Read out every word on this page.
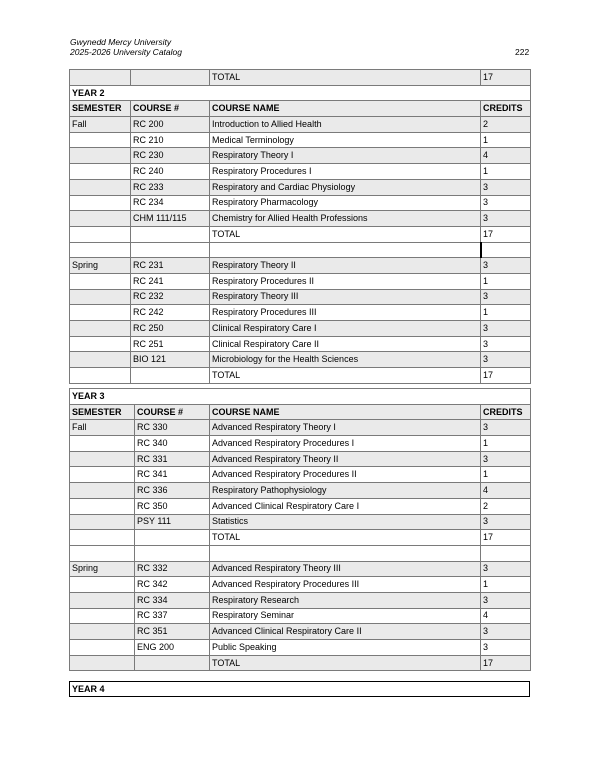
Gwynedd Mercy University
2025-2026 University Catalog	222
		TOTAL	17
YEAR 2			
SEMESTER	COURSE #	COURSE NAME	CREDITS
Fall	RC 200	Introduction to Allied Health	2
	RC 210	Medical Terminology	1
	RC 230	Respiratory Theory I	4
	RC 240	Respiratory Procedures I	1
	RC 233	Respiratory and Cardiac Physiology	3
	RC 234	Respiratory Pharmacology	3
	CHM 111/115	Chemistry for Allied Health Professions	3
		TOTAL	17

Spring	RC 231	Respiratory Theory II	3
	RC 241	Respiratory Procedures II	1
	RC 232	Respiratory Theory III	3
	RC 242	Respiratory Procedures III	1
	RC 250	Clinical Respiratory Care I	3
	RC 251	Clinical Respiratory Care II	3
	BIO 121	Microbiology for the Health Sciences	3
		TOTAL	17
YEAR 3			
SEMESTER	COURSE #	COURSE NAME	CREDITS
Fall	RC 330	Advanced Respiratory Theory I	3
	RC 340	Advanced Respiratory Procedures I	1
	RC 331	Advanced Respiratory Theory II	3
	RC 341	Advanced Respiratory Procedures II	1
	RC 336	Respiratory Pathophysiology	4
	RC 350	Advanced Clinical Respiratory Care I	2
	PSY 111	Statistics	3
		TOTAL	17

Spring	RC 332	Advanced Respiratory Theory III	3
	RC 342	Advanced Respiratory Procedures III	1
	RC 334	Respiratory Research	3
	RC 337	Respiratory Seminar	4
	RC 351	Advanced Clinical Respiratory Care II	3
	ENG 200	Public Speaking	3
		TOTAL	17
YEAR 4
